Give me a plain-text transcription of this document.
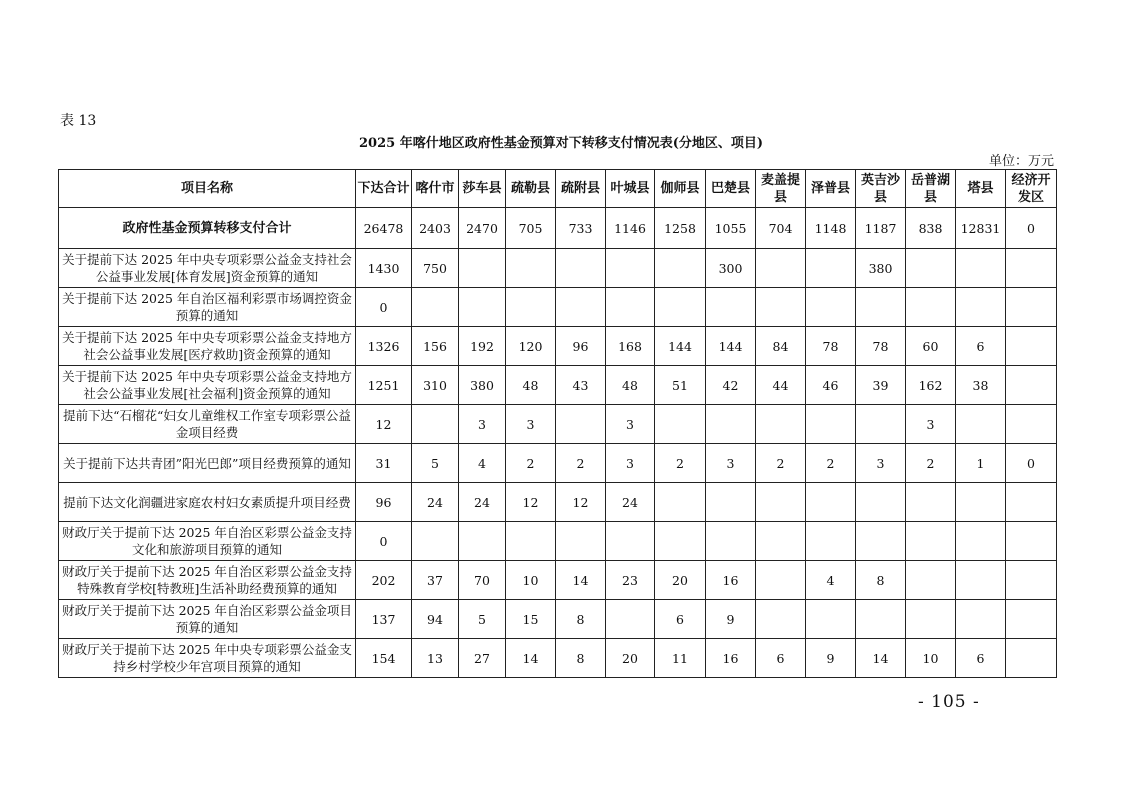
表 13
2025 年喀什地区政府性基金预算对下转移支付情况表(分地区、项目)
单位：万元
项目名称	下达合计	喀什市	莎车县	疏勒县	疏附县	叶城县	伽师县	巴楚县	麦盖提县	泽普县	英吉沙县	岳普湖县	塔县	经济开发区
政府性基金预算转移支付合计	26478	2403	2470	705	733	1146	1258	1055	704	1148	1187	838	12831	0
关于提前下达 2025 年中央专项彩票公益金支持社会公益事业发展[体育发展]资金预算的通知	1430	750						300			380			
关于提前下达 2025 年自治区福利彩票市场调控资金预算的通知	0													
关于提前下达 2025 年中央专项彩票公益金支持地方社会公益事业发展[医疗救助]资金预算的通知	1326	156	192	120	96	168	144	144	84	78	78	60	6	
关于提前下达 2025 年中央专项彩票公益金支持地方社会公益事业发展[社会福利]资金预算的通知	1251	310	380	48	43	48	51	42	44	46	39	162	38	
提前下达“石榴花“妇女儿童维权工作室专项彩票公益金项目经费	12		3	3		3						3		
关于提前下达共青团”阳光巴郎”项目经费预算的通知	31	5	4	2	2	3	2	3	2	2	3	2	1	0
提前下达文化润疆进家庭农村妇女素质提升项目经费	96	24	24	12	12	24								
财政厅关于提前下达 2025 年自治区彩票公益金支持文化和旅游项目预算的通知	0													
财政厅关于提前下达 2025 年自治区彩票公益金支持特殊教育学校[特教班]生活补助经费预算的通知	202	37	70	10	14	23	20	16		4	8			
财政厅关于提前下达 2025 年自治区彩票公益金项目预算的通知	137	94	5	15	8		6	9						
财政厅关于提前下达 2025 年中央专项彩票公益金支持乡村学校少年宫项目预算的通知	154	13	27	14	8	20	11	16	6	9	14	10	6	
- 105 -
